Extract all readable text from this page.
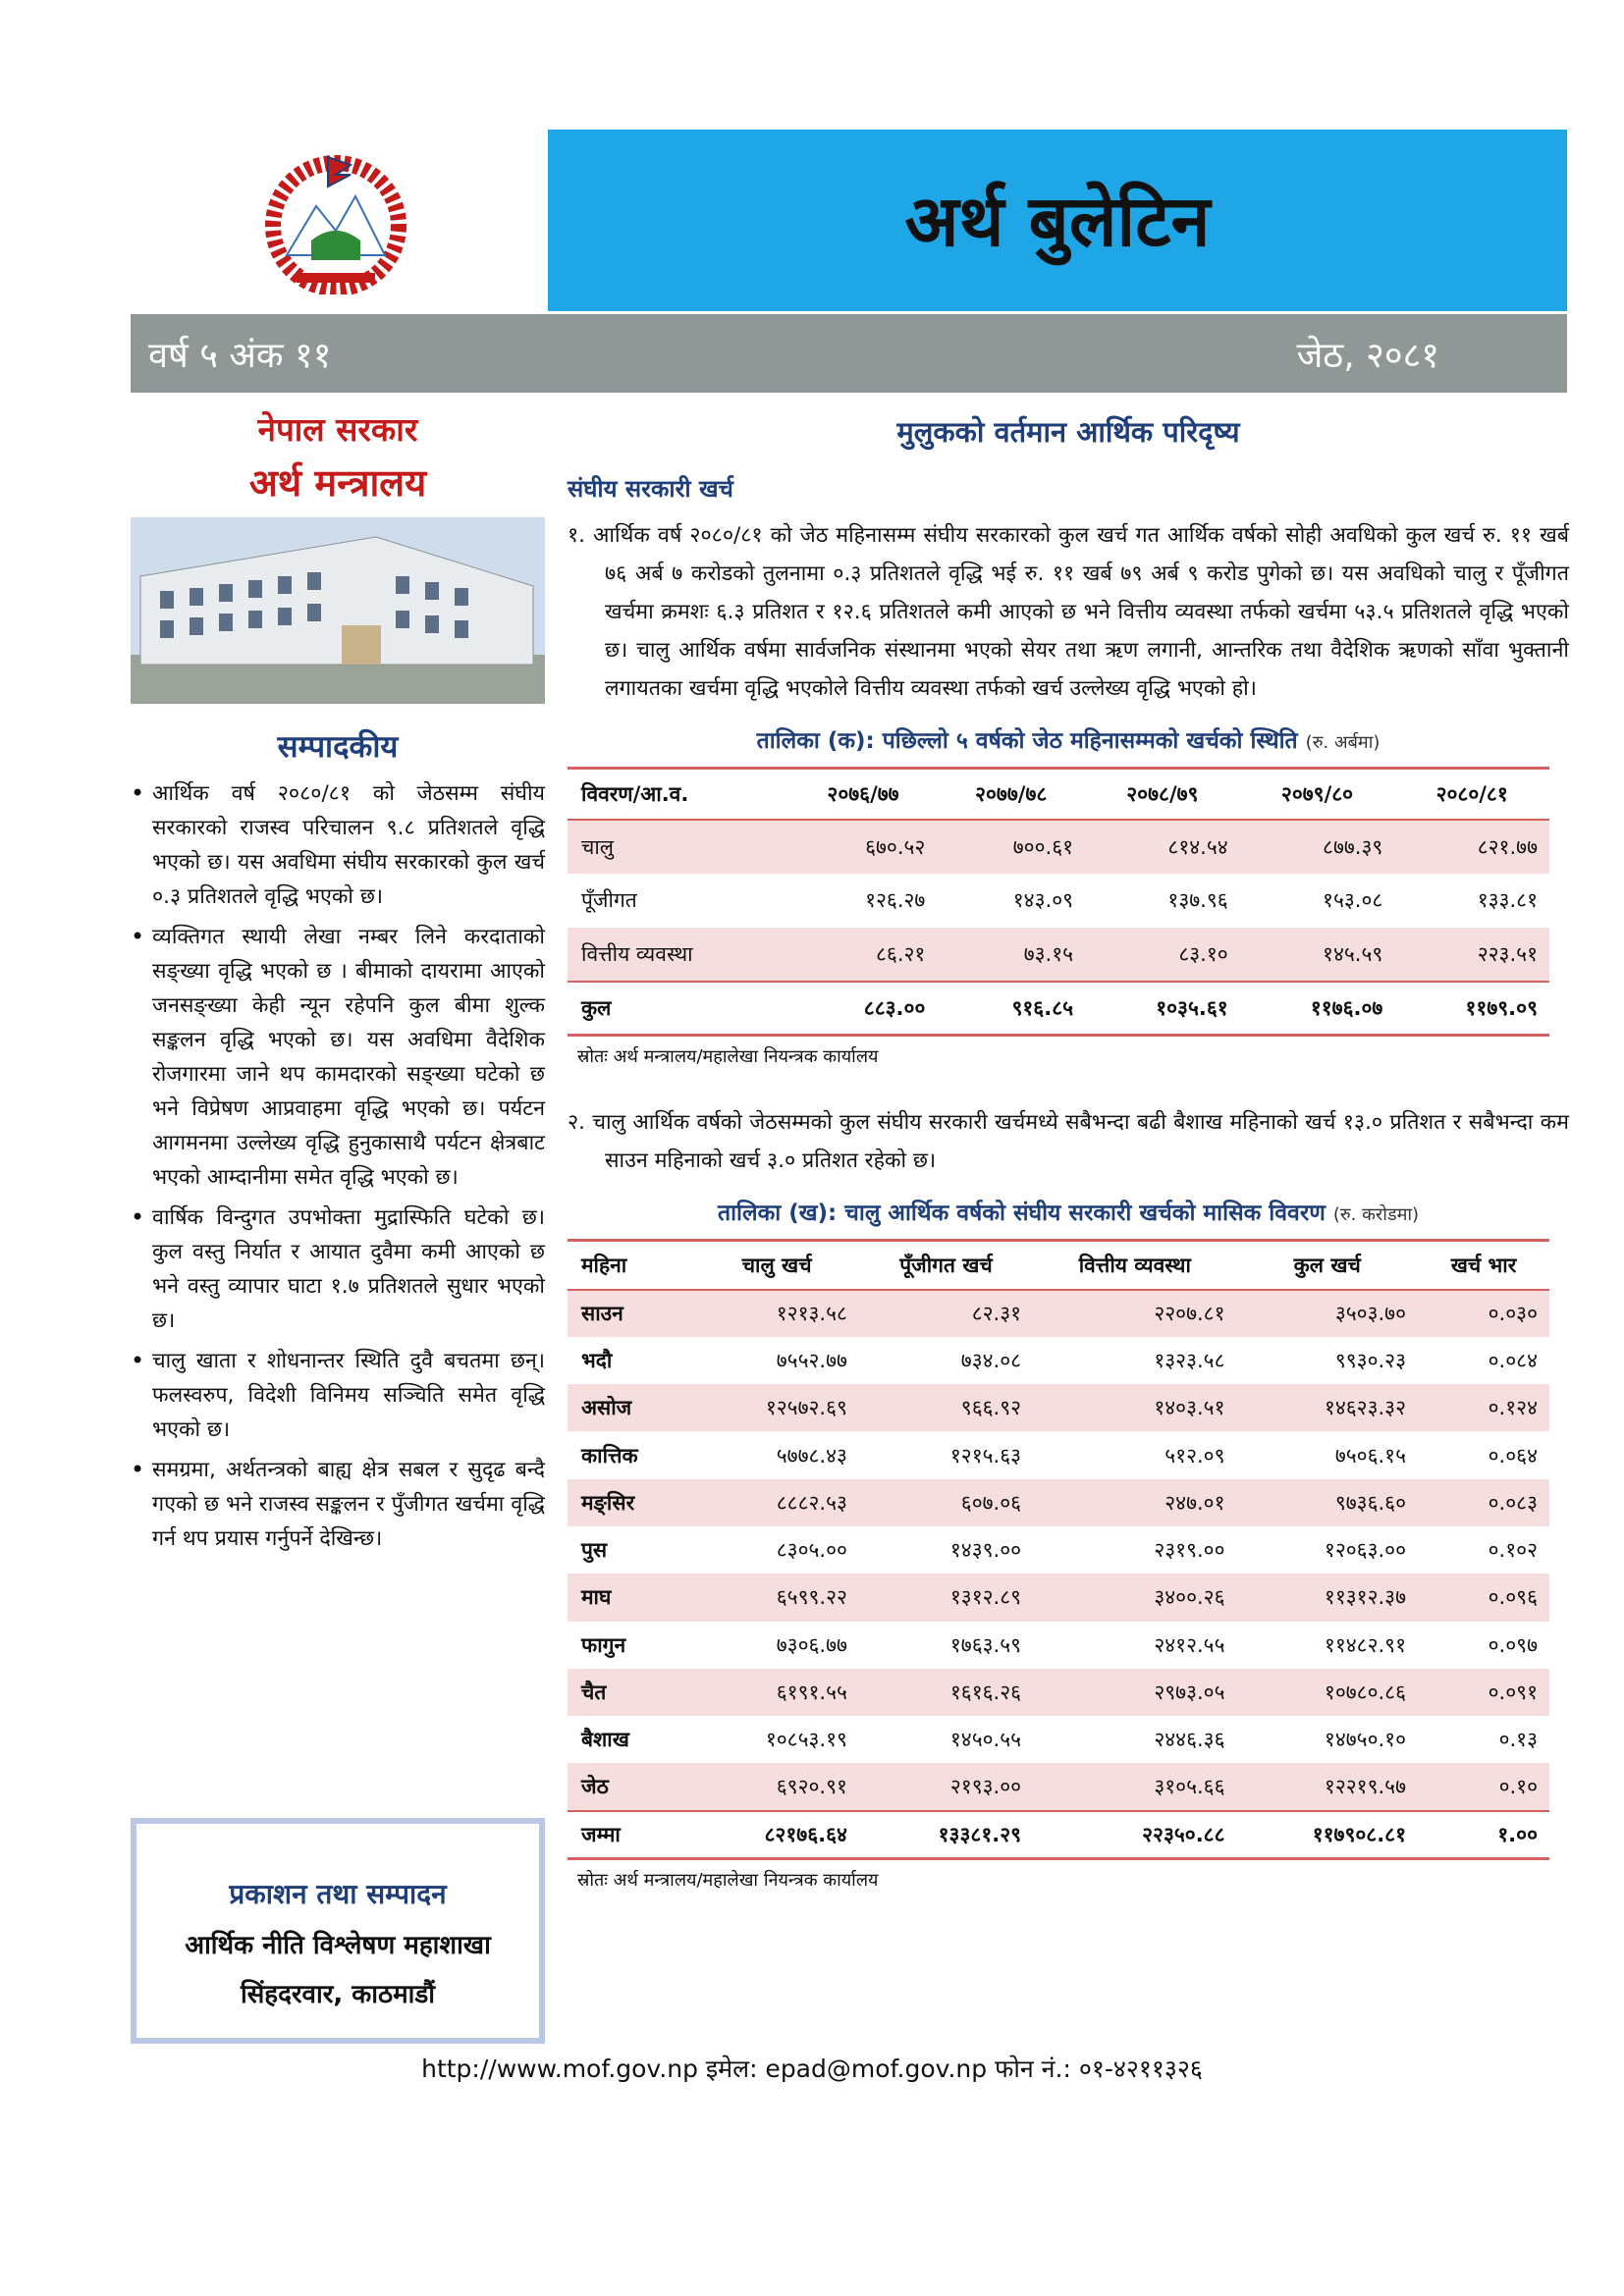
अर्थ बुलेटिन
वर्ष ५ अंक ११	जेठ, २०८१
नेपाल सरकार
अर्थ मन्त्रालय
सम्पादकीय
• आर्थिक वर्ष २०८०/८१ को जेठसम्म संघीय सरकारको राजस्व परिचालन ९.८ प्रतिशतले वृद्धि भएको छ। यस अवधिमा संघीय सरकारको कुल खर्च ०.३ प्रतिशतले वृद्धि भएको छ।
• व्यक्तिगत स्थायी लेखा नम्बर लिने करदाताको सङ्ख्या वृद्धि भएको छ । बीमाको दायरामा आएको जनसङ्ख्या केही न्यून रहेपनि कुल बीमा शुल्क सङ्कलन वृद्धि भएको छ। यस अवधिमा वैदेशिक रोजगारमा जाने थप कामदारको सङ्ख्या घटेको छ भने विप्रेषण आप्रवाहमा वृद्धि भएको छ। पर्यटन आगमनमा उल्लेख्य वृद्धि हुनुकासाथै पर्यटन क्षेत्रबाट भएको आम्दानीमा समेत वृद्धि भएको छ।
• वार्षिक विन्दुगत उपभोक्ता मुद्रास्फिति घटेको छ। कुल वस्तु निर्यात र आयात दुवैमा कमी आएको छ भने वस्तु व्यापार घाटा १.७ प्रतिशतले सुधार भएको छ।
• चालु खाता र शोधनान्तर स्थिति दुवै बचतमा छन्। फलस्वरुप, विदेशी विनिमय सञ्चिति समेत वृद्धि भएको छ।
• समग्रमा, अर्थतन्त्रको बाह्य क्षेत्र सबल र सुदृढ बन्दै गएको छ भने राजस्व सङ्कलन र पुँजीगत खर्चमा वृद्धि गर्न थप प्रयास गर्नुपर्ने देखिन्छ।
प्रकाशन तथा सम्पादन
आर्थिक नीति विश्लेषण महाशाखा
सिंहदरवार, काठमाडौं
मुलुकको वर्तमान आर्थिक परिदृष्य
संघीय सरकारी खर्च
१. आर्थिक वर्ष २०८०/८१ को जेठ महिनासम्म संघीय सरकारको कुल खर्च गत आर्थिक वर्षको सोही अवधिको कुल खर्च रु. ११ खर्ब ७६ अर्ब ७ करोडको तुलनामा ०.३ प्रतिशतले वृद्धि भई रु. ११ खर्ब ७९ अर्ब ९ करोड पुगेको छ। यस अवधिको चालु र पूँजीगत खर्चमा क्रमशः ६.३ प्रतिशत र १२.६ प्रतिशतले कमी आएको छ भने वित्तीय व्यवस्था तर्फको खर्चमा ५३.५ प्रतिशतले वृद्धि भएको छ। चालु आर्थिक वर्षमा सार्वजनिक संस्थानमा भएको सेयर तथा ऋण लगानी, आन्तरिक तथा वैदेशिक ऋणको साँवा भुक्तानी लगायतका खर्चमा वृद्धि भएकोले वित्तीय व्यवस्था तर्फको खर्च उल्लेख्य वृद्धि भएको हो।
तालिका (क): पछिल्लो ५ वर्षको जेठ महिनासम्मको खर्चको स्थिति (रु. अर्बमा)
विवरण/आ.व.	२०७६/७७	२०७७/७८	२०७८/७९	२०७९/८०	२०८०/८१
चालु	६७०.५२	७००.६१	८१४.५४	८७७.३९	८२१.७७
पूँजीगत	१२६.२७	१४३.०९	१३७.९६	१५३.०८	१३३.८१
वित्तीय व्यवस्था	८६.२१	७३.१५	८३.१०	१४५.५९	२२३.५१
कुल	८८३.००	९१६.८५	१०३५.६१	११७६.०७	११७९.०९
स्रोतः अर्थ मन्त्रालय/महालेखा नियन्त्रक कार्यालय
२. चालु आर्थिक वर्षको जेठसम्मको कुल संघीय सरकारी खर्चमध्ये सबैभन्दा बढी बैशाख महिनाको खर्च १३.० प्रतिशत र सबैभन्दा कम साउन महिनाको खर्च ३.० प्रतिशत रहेको छ।
तालिका (ख): चालु आर्थिक वर्षको संघीय सरकारी खर्चको मासिक विवरण (रु. करोडमा)
महिना	चालु खर्च	पूँजीगत खर्च	वित्तीय व्यवस्था	कुल खर्च	खर्च भार
साउन	१२१३.५८	८२.३१	२२०७.८१	३५०३.७०	०.०३०
भदौ	७५५२.७७	७३४.०८	१३२३.५८	९९३०.२३	०.०८४
असोज	१२५७२.६९	९६६.९२	१४०३.५१	१४६२३.३२	०.१२४
कात्तिक	५७७८.४३	१२१५.६३	५१२.०९	७५०६.१५	०.०६४
मङ्सिर	८८८२.५३	६०७.०६	२४७.०१	९७३६.६०	०.०८३
पुस	८३०५.००	१४३९.००	२३१९.००	१२०६३.००	०.१०२
माघ	६५९९.२२	१३१२.८९	३४००.२६	११३१२.३७	०.०९६
फागुन	७३०६.७७	१७६३.५९	२४१२.५५	११४८२.९१	०.०९७
चैत	६१९१.५५	१६१६.२६	२९७३.०५	१०७८०.८६	०.०९१
बैशाख	१०८५३.१९	१४५०.५५	२४४६.३६	१४७५०.१०	०.१३
जेठ	६९२०.९१	२१९३.००	३१०५.६६	१२२१९.५७	०.१०
जम्मा	८२१७६.६४	१३३८१.२९	२२३५०.८८	११७९०८.८१	१.००
स्रोतः अर्थ मन्त्रालय/महालेखा नियन्त्रक कार्यालय
http://www.mof.gov.np इमेल: epad@mof.gov.np फोन नं.: ०१-४२११३२६
